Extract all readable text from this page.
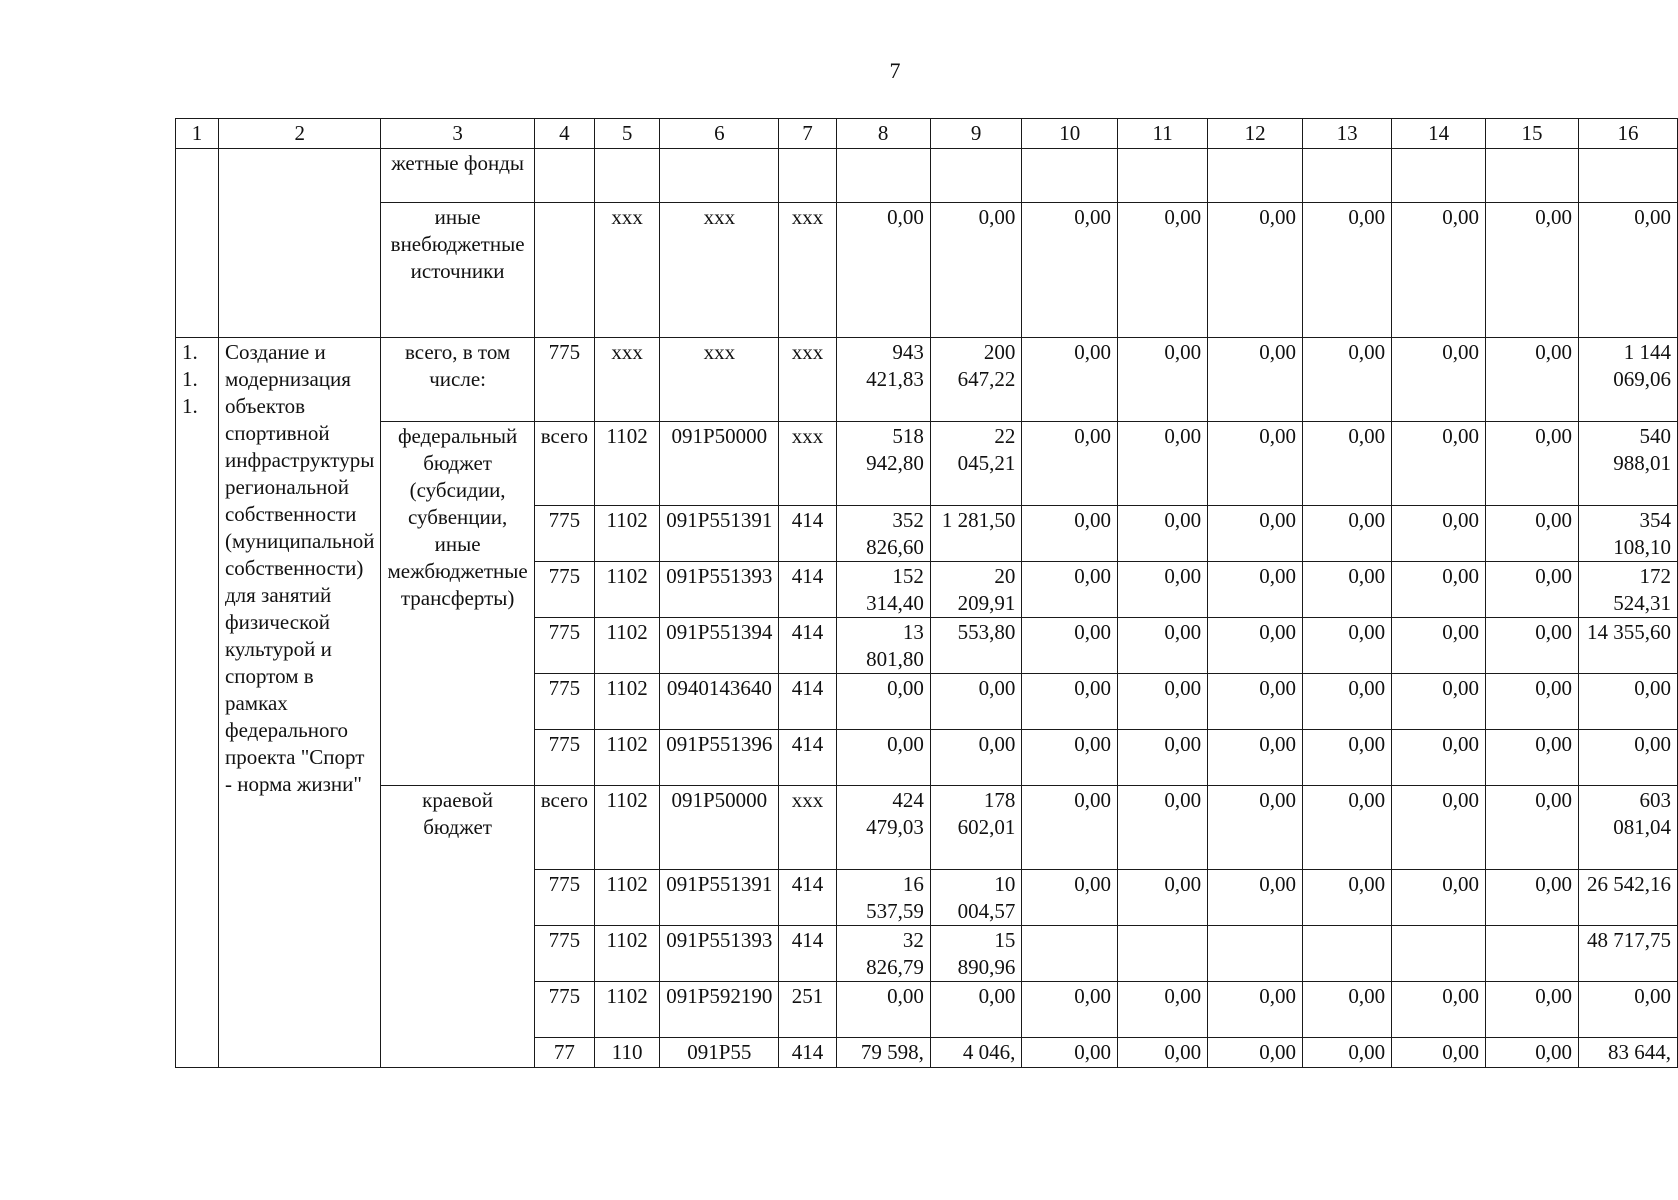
7
1	2	3	4	5	6	7	8	9	10	11	12	13	14	15	16
		жетные фонды													
		иные внебюджетные источники		ххх	ххх	ххх	0,00	0,00	0,00	0,00	0,00	0,00	0,00	0,00	0,00
1. 1. 1.	Создание и модернизация объектов спортивной инфраструктуры региональной собственности (муниципальной собственности) для занятий физической культурой и спортом в рамках федерального проекта "Спорт - норма жизни"	всего, в том числе:	775	ххх	ххх	ххх	943 421,83	200 647,22	0,00	0,00	0,00	0,00	0,00	0,00	1 144 069,06
		федеральный бюджет (субсидии, субвенции, иные межбюджетные трансферты)	всего	1102	091P50000	ххх	518 942,80	22 045,21	0,00	0,00	0,00	0,00	0,00	0,00	540 988,01
			775	1102	091P551391	414	352 826,60	1 281,50	0,00	0,00	0,00	0,00	0,00	0,00	354 108,10
			775	1102	091P551393	414	152 314,40	20 209,91	0,00	0,00	0,00	0,00	0,00	0,00	172 524,31
			775	1102	091P551394	414	13 801,80	553,80	0,00	0,00	0,00	0,00	0,00	0,00	14 355,60
			775	1102	0940143640	414	0,00	0,00	0,00	0,00	0,00	0,00	0,00	0,00	0,00
			775	1102	091P551396	414	0,00	0,00	0,00	0,00	0,00	0,00	0,00	0,00	0,00
		краевой бюджет	всего	1102	091P50000	ххх	424 479,03	178 602,01	0,00	0,00	0,00	0,00	0,00	0,00	603 081,04
			775	1102	091P551391	414	16 537,59	10 004,57	0,00	0,00	0,00	0,00	0,00	0,00	26 542,16
			775	1102	091P551393	414	32 826,79	15 890,96							48 717,75
			775	1102	091P592190	251	0,00	0,00	0,00	0,00	0,00	0,00	0,00	0,00	0,00
			77	110	091P55	414	79 598,	4 046,	0,00	0,00	0,00	0,00	0,00	0,00	83 644,
